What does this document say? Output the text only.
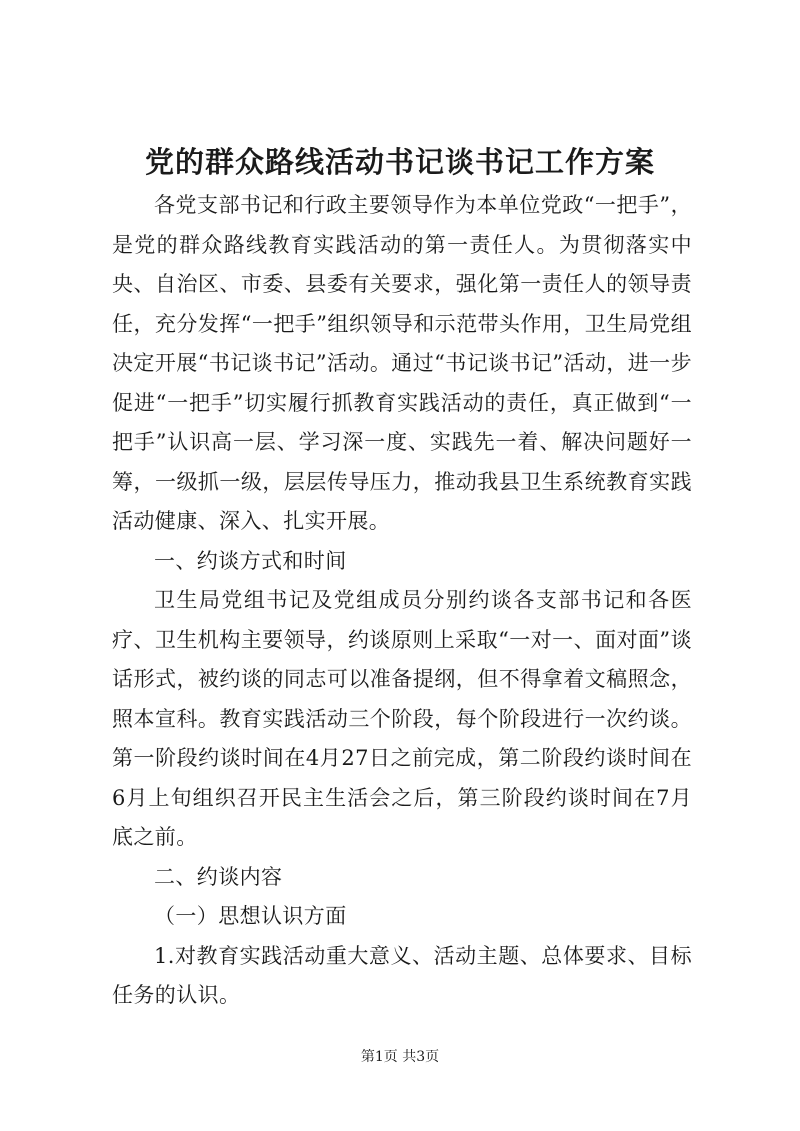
党的群众路线活动书记谈书记工作方案

各党支部书记和行政主要领导作为本单位党政“一把手”，是党的群众路线教育实践活动的第一责任人。为贯彻落实中央、自治区、市委、县委有关要求，强化第一责任人的领导责任，充分发挥“一把手”组织领导和示范带头作用，卫生局党组决定开展“书记谈书记”活动。通过“书记谈书记”活动，进一步促进“一把手”切实履行抓教育实践活动的责任，真正做到“一把手”认识高一层、学习深一度、实践先一着、解决问题好一筹，一级抓一级，层层传导压力，推动我县卫生系统教育实践活动健康、深入、扎实开展。

一、约谈方式和时间

卫生局党组书记及党组成员分别约谈各支部书记和各医疗、卫生机构主要领导，约谈原则上采取“一对一、面对面”谈话形式，被约谈的同志可以准备提纲，但不得拿着文稿照念，照本宣科。教育实践活动三个阶段，每个阶段进行一次约谈。第一阶段约谈时间在4月27日之前完成，第二阶段约谈时间在6月上旬组织召开民主生活会之后，第三阶段约谈时间在7月底之前。

二、约谈内容

（一）思想认识方面

1.对教育实践活动重大意义、活动主题、总体要求、目标任务的认识。

第1页 共3页
